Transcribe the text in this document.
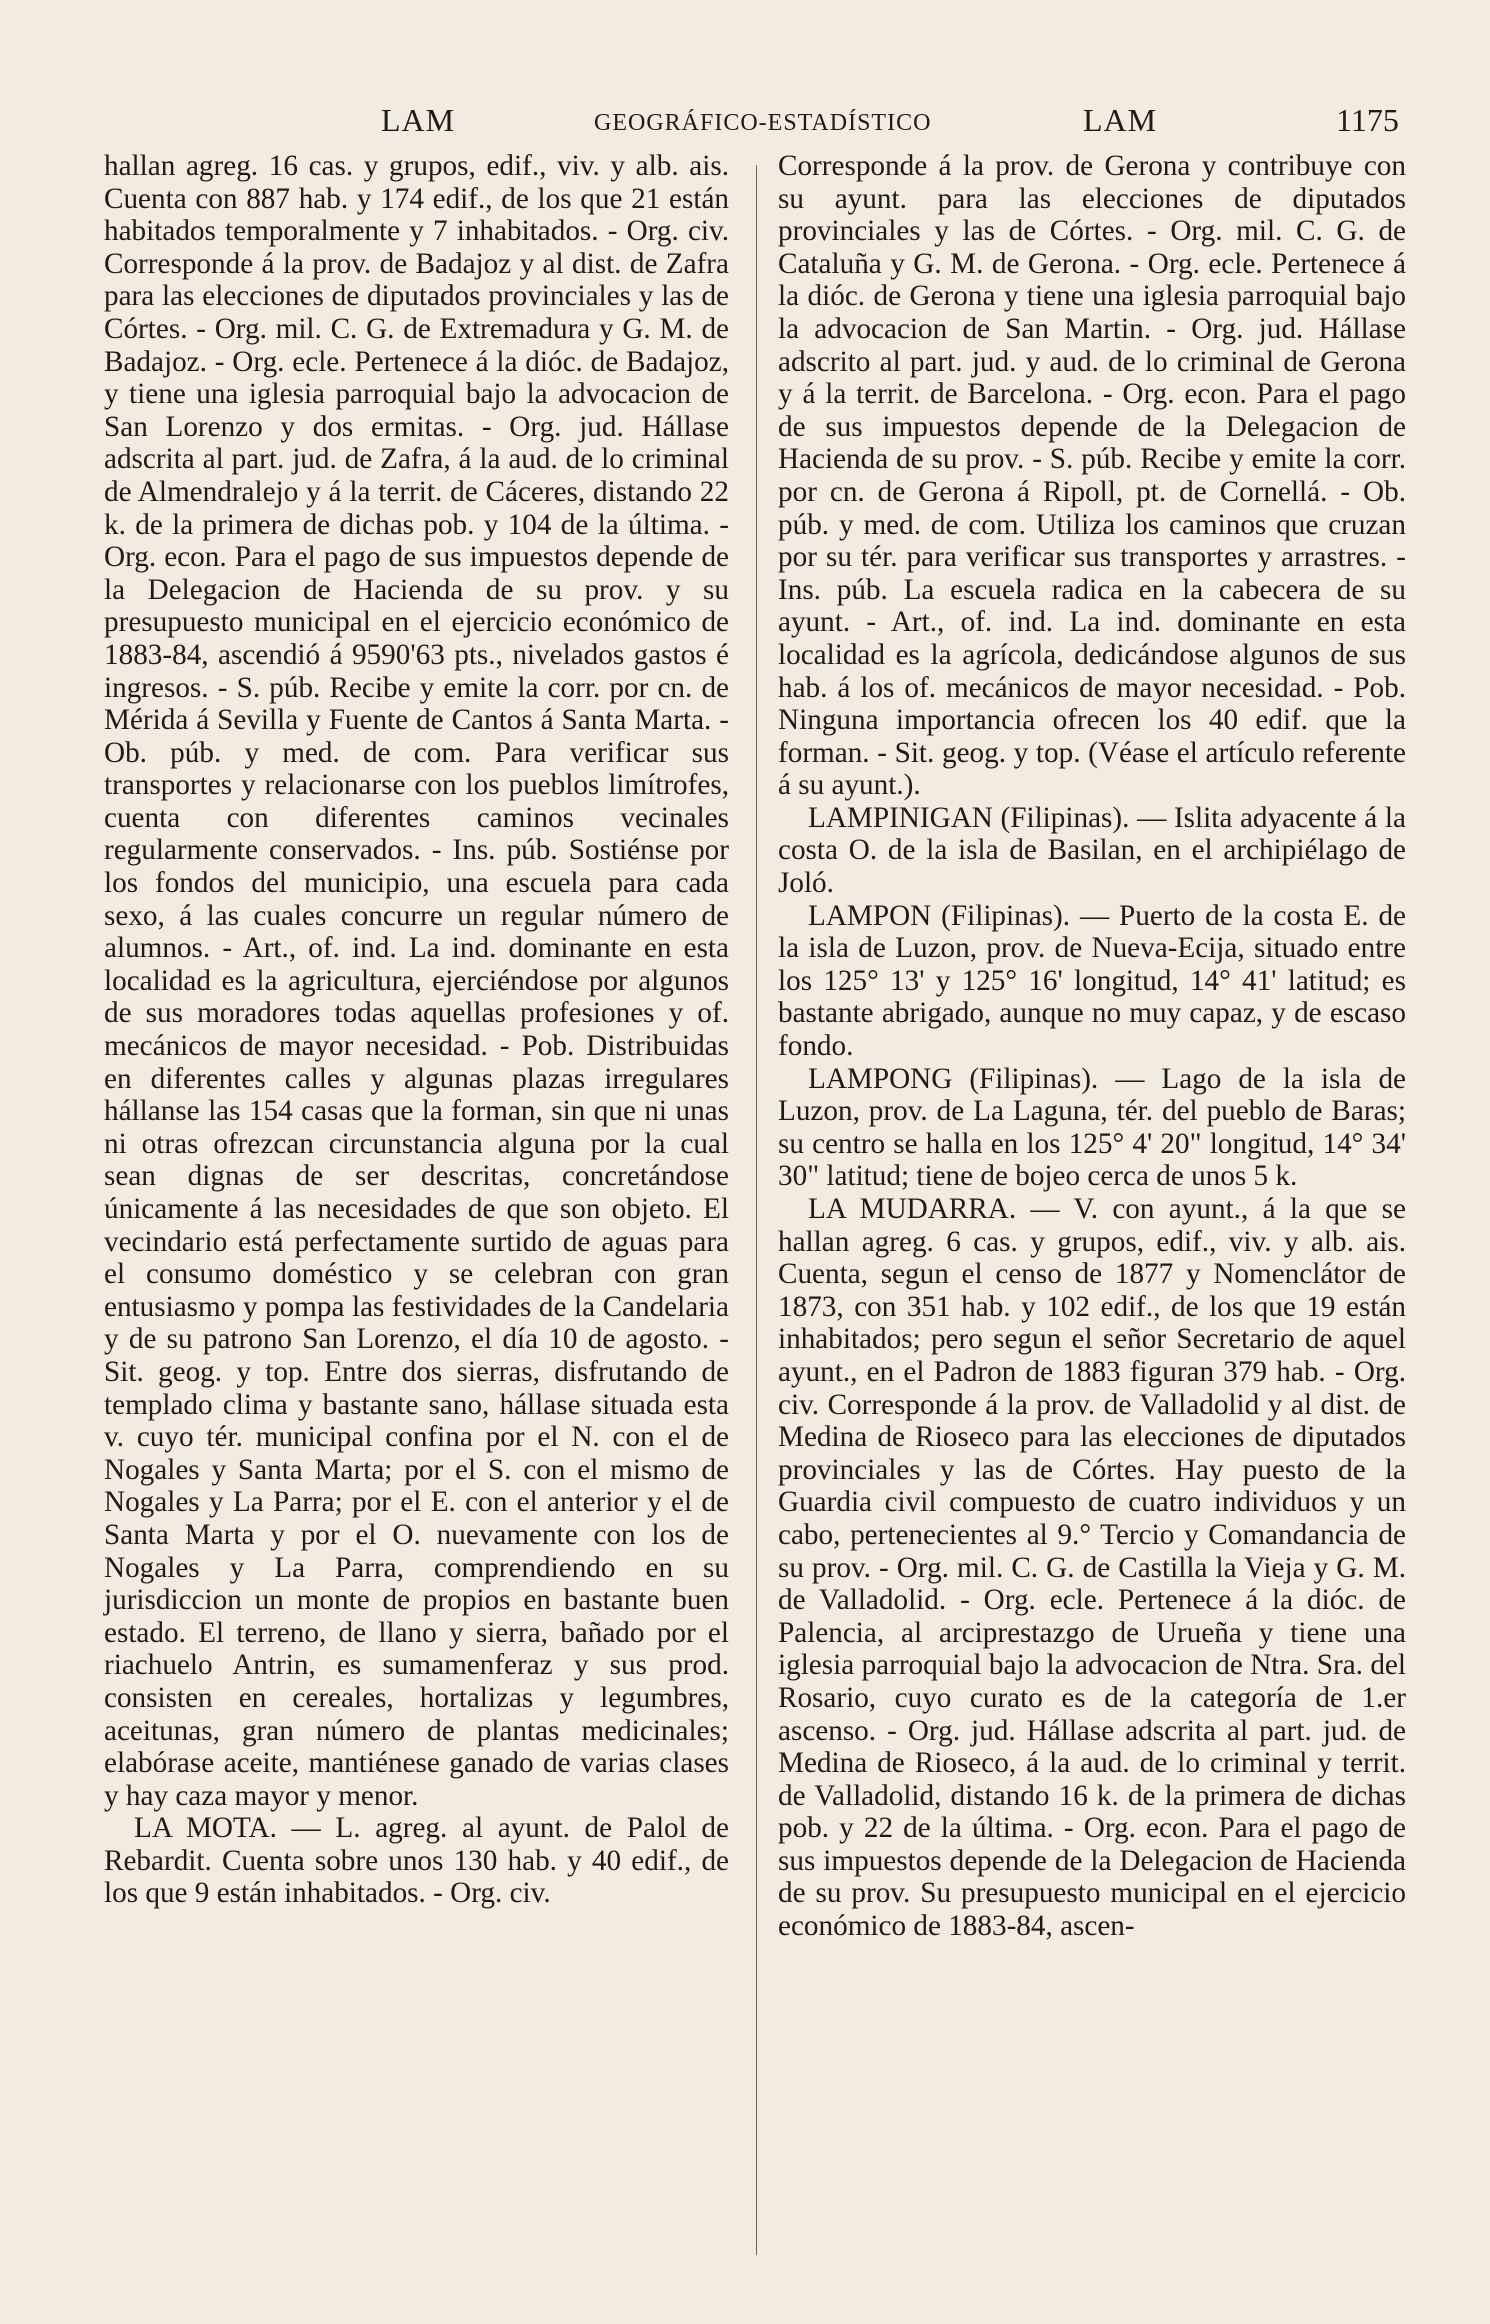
LAM	GEOGRÁFICO-ESTADÍSTICO	LAM	1175

hallan agreg. 16 cas. y grupos, edif., viv. y alb. ais. Cuenta con 887 hab. y 174 edif., de los que 21 están habitados temporalmente y 7 inhabitados. - Org. civ. Corresponde á la prov. de Badajoz y al dist. de Zafra para las elecciones de diputados provinciales y las de Córtes. - Org. mil. C. G. de Extremadura y G. M. de Badajoz. - Org. ecle. Pertenece á la dióc. de Badajoz, y tiene una iglesia parroquial bajo la advocacion de San Lorenzo y dos ermitas. - Org. jud. Hállase adscrita al part. jud. de Zafra, á la aud. de lo criminal de Almendralejo y á la territ. de Cáceres, distando 22 k. de la primera de dichas pob. y 104 de la última. - Org. econ. Para el pago de sus impuestos depende de la Delegacion de Hacienda de su prov. y su presupuesto municipal en el ejercicio económico de 1883-84, ascendió á 9590'63 pts., nivelados gastos é ingresos. - S. púb. Recibe y emite la corr. por cn. de Mérida á Sevilla y Fuente de Cantos á Santa Marta. - Ob. púb. y med. de com. Para verificar sus transportes y relacionarse con los pueblos limítrofes, cuenta con diferentes caminos vecinales regularmente conservados. - Ins. púb. Sostiénse por los fondos del municipio, una escuela para cada sexo, á las cuales concurre un regular número de alumnos. - Art., of. ind. La ind. dominante en esta localidad es la agricultura, ejerciéndose por algunos de sus moradores todas aquellas profesiones y of. mecánicos de mayor necesidad. - Pob. Distribuidas en diferentes calles y algunas plazas irregulares hállanse las 154 casas que la forman, sin que ni unas ni otras ofrezcan circunstancia alguna por la cual sean dignas de ser descritas, concretándose únicamente á las necesidades de que son objeto. El vecindario está perfectamente surtido de aguas para el consumo doméstico y se celebran con gran entusiasmo y pompa las festividades de la Candelaria y de su patrono San Lorenzo, el día 10 de agosto. - Sit. geog. y top. Entre dos sierras, disfrutando de templado clima y bastante sano, hállase situada esta v. cuyo tér. municipal confina por el N. con el de Nogales y Santa Marta; por el S. con el mismo de Nogales y La Parra; por el E. con el anterior y el de Santa Marta y por el O. nuevamente con los de Nogales y La Parra, comprendiendo en su jurisdiccion un monte de propios en bastante buen estado. El terreno, de llano y sierra, bañado por el riachuelo Antrin, es sumamenferaz y sus prod. consisten en cereales, hortalizas y legumbres, aceitunas, gran número de plantas medicinales; elabórase aceite, mantiénese ganado de varias clases y hay caza mayor y menor.

LA MOTA. — L. agreg. al ayunt. de Palol de Rebardit. Cuenta sobre unos 130 hab. y 40 edif., de los que 9 están inhabitados. - Org. civ.

Corresponde á la prov. de Gerona y contribuye con su ayunt. para las elecciones de diputados provinciales y las de Córtes. - Org. mil. C. G. de Cataluña y G. M. de Gerona. - Org. ecle. Pertenece á la dióc. de Gerona y tiene una iglesia parroquial bajo la advocacion de San Martin. - Org. jud. Hállase adscrito al part. jud. y aud. de lo criminal de Gerona y á la territ. de Barcelona. - Org. econ. Para el pago de sus impuestos depende de la Delegacion de Hacienda de su prov. - S. púb. Recibe y emite la corr. por cn. de Gerona á Ripoll, pt. de Cornellá. - Ob. púb. y med. de com. Utiliza los caminos que cruzan por su tér. para verificar sus transportes y arrastres. - Ins. púb. La escuela radica en la cabecera de su ayunt. - Art., of. ind. La ind. dominante en esta localidad es la agrícola, dedicándose algunos de sus hab. á los of. mecánicos de mayor necesidad. - Pob. Ninguna importancia ofrecen los 40 edif. que la forman. - Sit. geog. y top. (Véase el artículo referente á su ayunt.).

LAMPINIGAN (Filipinas). — Islita adyacente á la costa O. de la isla de Basilan, en el archipiélago de Joló.

LAMPON (Filipinas). — Puerto de la costa E. de la isla de Luzon, prov. de Nueva-Ecija, situado entre los 125° 13' y 125° 16' longitud, 14° 41' latitud; es bastante abrigado, aunque no muy capaz, y de escaso fondo.

LAMPONG (Filipinas). — Lago de la isla de Luzon, prov. de La Laguna, tér. del pueblo de Baras; su centro se halla en los 125° 4' 20" longitud, 14° 34' 30" latitud; tiene de bojeo cerca de unos 5 k.

LA MUDARRA. — V. con ayunt., á la que se hallan agreg. 6 cas. y grupos, edif., viv. y alb. ais. Cuenta, segun el censo de 1877 y Nomenclátor de 1873, con 351 hab. y 102 edif., de los que 19 están inhabitados; pero segun el señor Secretario de aquel ayunt., en el Padron de 1883 figuran 379 hab. - Org. civ. Corresponde á la prov. de Valladolid y al dist. de Medina de Rioseco para las elecciones de diputados provinciales y las de Córtes. Hay puesto de la Guardia civil compuesto de cuatro individuos y un cabo, pertenecientes al 9.° Tercio y Comandancia de su prov. - Org. mil. C. G. de Castilla la Vieja y G. M. de Valladolid. - Org. ecle. Pertenece á la dióc. de Palencia, al arciprestazgo de Urueña y tiene una iglesia parroquial bajo la advocacion de Ntra. Sra. del Rosario, cuyo curato es de la categoría de 1.er ascenso. - Org. jud. Hállase adscrita al part. jud. de Medina de Rioseco, á la aud. de lo criminal y territ. de Valladolid, distando 16 k. de la primera de dichas pob. y 22 de la última. - Org. econ. Para el pago de sus impuestos depende de la Delegacion de Hacienda de su prov. Su presupuesto municipal en el ejercicio económico de 1883-84, ascen-
